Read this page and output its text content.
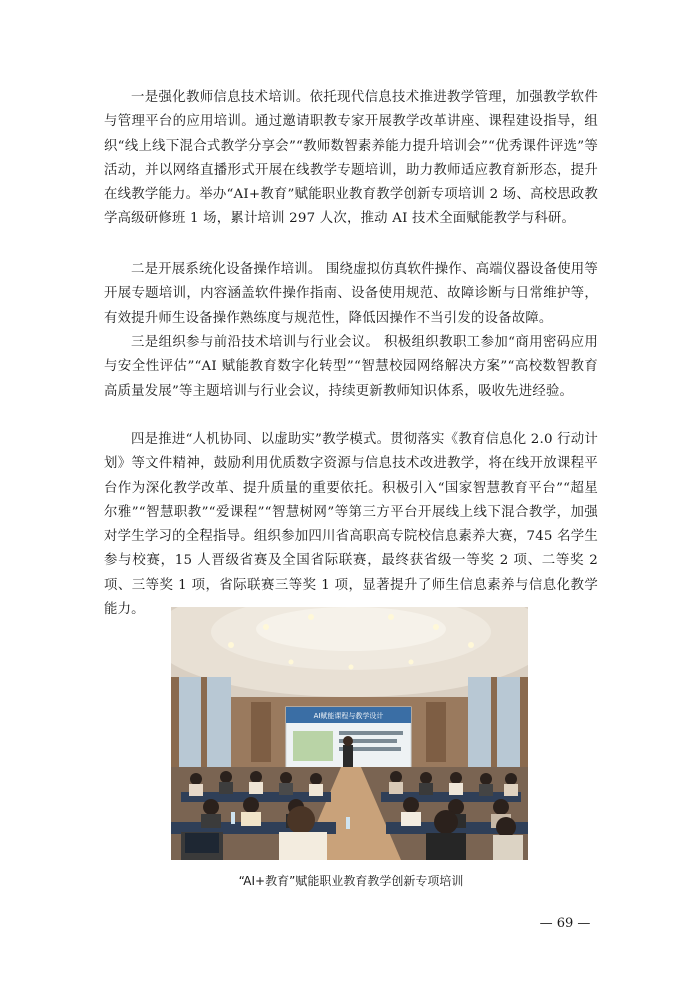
一是强化教师信息技术培训。依托现代信息技术推进教学管理，加强教学软件与管理平台的应用培训。通过邀请职教专家开展教学改革讲座、课程建设指导，组织“线上线下混合式教学分享会”“教师数智素养能力提升培训会”“优秀课件评选”等活动，并以网络直播形式开展在线教学专题培训，助力教师适应教育新形态，提升在线教学能力。举办“AI+教育”赋能职业教育教学创新专项培训 2 场、高校思政教学高级研修班 1 场，累计培训 297 人次，推动 AI 技术全面赋能教学与科研。

二是开展系统化设备操作培训。 围绕虚拟仿真软件操作、高端仪器设备使用等开展专题培训，内容涵盖软件操作指南、设备使用规范、故障诊断与日常维护等，有效提升师生设备操作熟练度与规范性，降低因操作不当引发的设备故障。

三是组织参与前沿技术培训与行业会议。 积极组织教职工参加“商用密码应用与安全性评估”“AI 赋能教育数字化转型”“智慧校园网络解决方案”“高校数智教育高质量发展”等主题培训与行业会议，持续更新教师知识体系，吸收先进经验。

四是推进“人机协同、以虚助实”教学模式。贯彻落实《教育信息化 2.0 行动计划》等文件精神，鼓励利用优质数字资源与信息技术改进教学，将在线开放课程平台作为深化教学改革、提升质量的重要依托。积极引入“国家智慧教育平台”“超星尔雅”“智慧职教”“爱课程”“智慧树网”等第三方平台开展线上线下混合教学，加强对学生学习的全程指导。组织参加四川省高职高专院校信息素养大赛，745 名学生参与校赛，15 人晋级省赛及全国省际联赛，最终获省级一等奖 2 项、二等奖 2 项、三等奖 1 项，省际联赛三等奖 1 项，显著提升了师生信息素养与信息化教学能力。

AI赋能课程与教学设计

“AI+教育”赋能职业教育教学创新专项培训

— 69 —
